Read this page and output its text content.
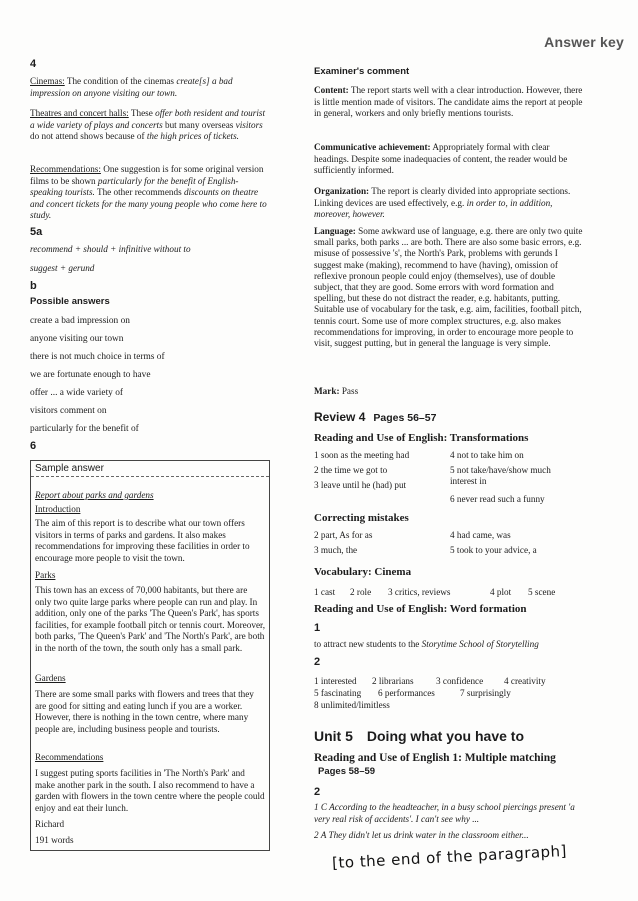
Answer key
4
Cinemas: The condition of the cinemas create[s] a bad impression on anyone visiting our town.
Theatres and concert halls: These offer both resident and tourist a wide variety of plays and concerts but many overseas visitors do not attend shows because of the high prices of tickets.
Recommendations: One suggestion is for some original version films to be shown particularly for the benefit of English-speaking tourists. The other recommends discounts on theatre and concert tickets for the many young people who come here to study.
5a
recommend + should + infinitive without to
suggest + gerund
b
Possible answers
create a bad impression on
anyone visiting our town
there is not much choice in terms of
we are fortunate enough to have
offer ... a wide variety of
visitors comment on
particularly for the benefit of
6
Sample answer
Report about parks and gardens
Introduction
The aim of this report is to describe what our town offers visitors in terms of parks and gardens. It also makes recommendations for improving these facilities in order to encourage more people to visit the town.
Parks
This town has an excess of 70,000 habitants, but there are only two quite large parks where people can run and play. In addition, only one of the parks 'The Queen's Park', has sports facilities, for example football pitch or tennis court. Moreover, both parks, 'The Queen's Park' and 'The North's Park', are both in the north of the town, the south only has a small park.
Gardens
There are some small parks with flowers and trees that they are good for sitting and eating lunch if you are a worker. However, there is nothing in the town centre, where many people are, including business people and tourists.
Recommendations
I suggest puting sports facilities in 'The North's Park' and make another park in the south. I also recommend to have a garden with flowers in the town centre where the people could enjoy and eat their lunch.
Richard
191 words
Examiner's comment
Content: The report starts well with a clear introduction. However, there is little mention made of visitors. The candidate aims the report at people in general, workers and only briefly mentions tourists.
Communicative achievement: Appropriately formal with clear headings. Despite some inadequacies of content, the reader would be sufficiently informed.
Organization: The report is clearly divided into appropriate sections. Linking devices are used effectively, e.g. in order to, in addition, moreover, however.
Language: Some awkward use of language, e.g. there are only two quite small parks, both parks ... are both. There are also some basic errors, e.g. misuse of possessive 's', the North's Park, problems with gerunds I suggest make (making), recommend to have (having), omission of reflexive pronoun people could enjoy (themselves), use of double subject, that they are good. Some errors with word formation and spelling, but these do not distract the reader, e.g. habitants, putting. Suitable use of vocabulary for the task, e.g. aim, facilities, football pitch, tennis court. Some use of more complex structures, e.g. also makes recommendations for improving, in order to encourage more people to visit, suggest putting, but in general the language is very simple.
Mark: Pass
Review 4 Pages 56–57
Reading and Use of English: Transformations
1 soon as the meeting had
2 the time we got to
3 leave until he (had) put
4 not to take him on
5 not take/have/show much interest in
6 never read such a funny
Correcting mistakes
2 part, As for as
3 much, the
4 had came, was
5 took to your advice, a
Vocabulary: Cinema
1 cast 2 role 3 critics, reviews	4 plot 5 scene
Reading and Use of English: Word formation
1
to attract new students to the Storytime School of Storytelling
2
1 interested 2 librarians 3 confidence 4 creativity
5 fascinating 6 performances	7 surprisingly
8 unlimited/limitless
Unit 5 Doing what you have to
Reading and Use of English 1: Multiple matching Pages 58–59
2
1 C According to the headteacher, in a busy school piercings present 'a very real risk of accidents'. I can't see why ...
2 A They didn't let us drink water in the classroom either...
[to the end of the paragraph]
